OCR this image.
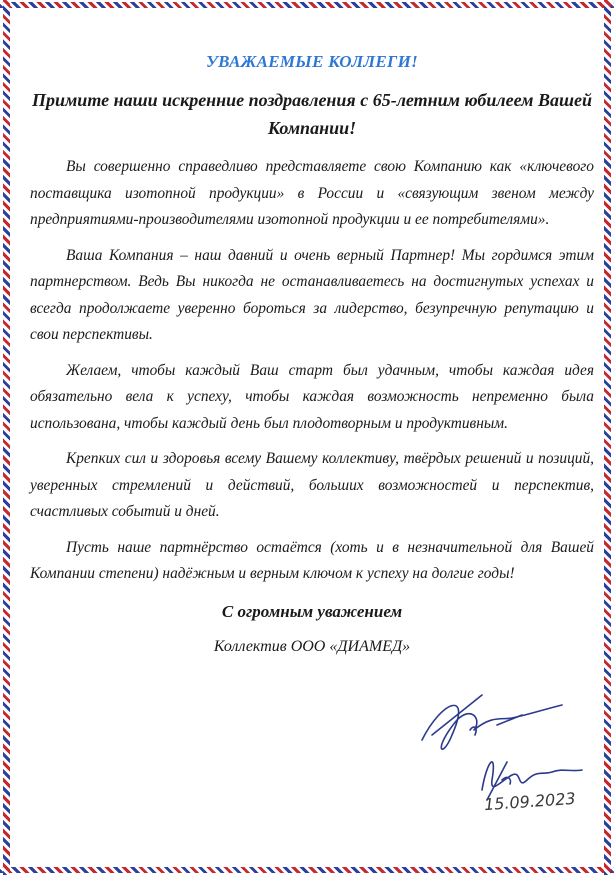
УВАЖАЕМЫЕ КОЛЛЕГИ!

Примите наши искренние поздравления с 65-летним юбилеем Вашей Компании!

Вы совершенно справедливо представляете свою Компанию как «ключевого поставщика изотопной продукции» в России и «связующим звеном между предприятиями-производителями изотопной продукции и ее потребителями».

Ваша Компания – наш давний и очень верный Партнер! Мы гордимся этим партнерством. Ведь Вы никогда не останавливаетесь на достигнутых успехах и всегда продолжаете уверенно бороться за лидерство, безупречную репутацию и свои перспективы.

Желаем, чтобы каждый Ваш старт был удачным, чтобы каждая идея обязательно вела к успеху, чтобы каждая возможность непременно была использована, чтобы каждый день был плодотворным и продуктивным.

Крепких сил и здоровья всему Вашему коллективу, твёрдых решений и позиций, уверенных стремлений и действий, больших возможностей и перспектив, счастливых событий и дней.

Пусть наше партнёрство остаётся (хоть и в незначительной для Вашей Компании степени) надёжным и верным ключом к успеху на долгие годы!

С огромным уважением

Коллектив ООО «ДИАМЕД»

15.09.2023
